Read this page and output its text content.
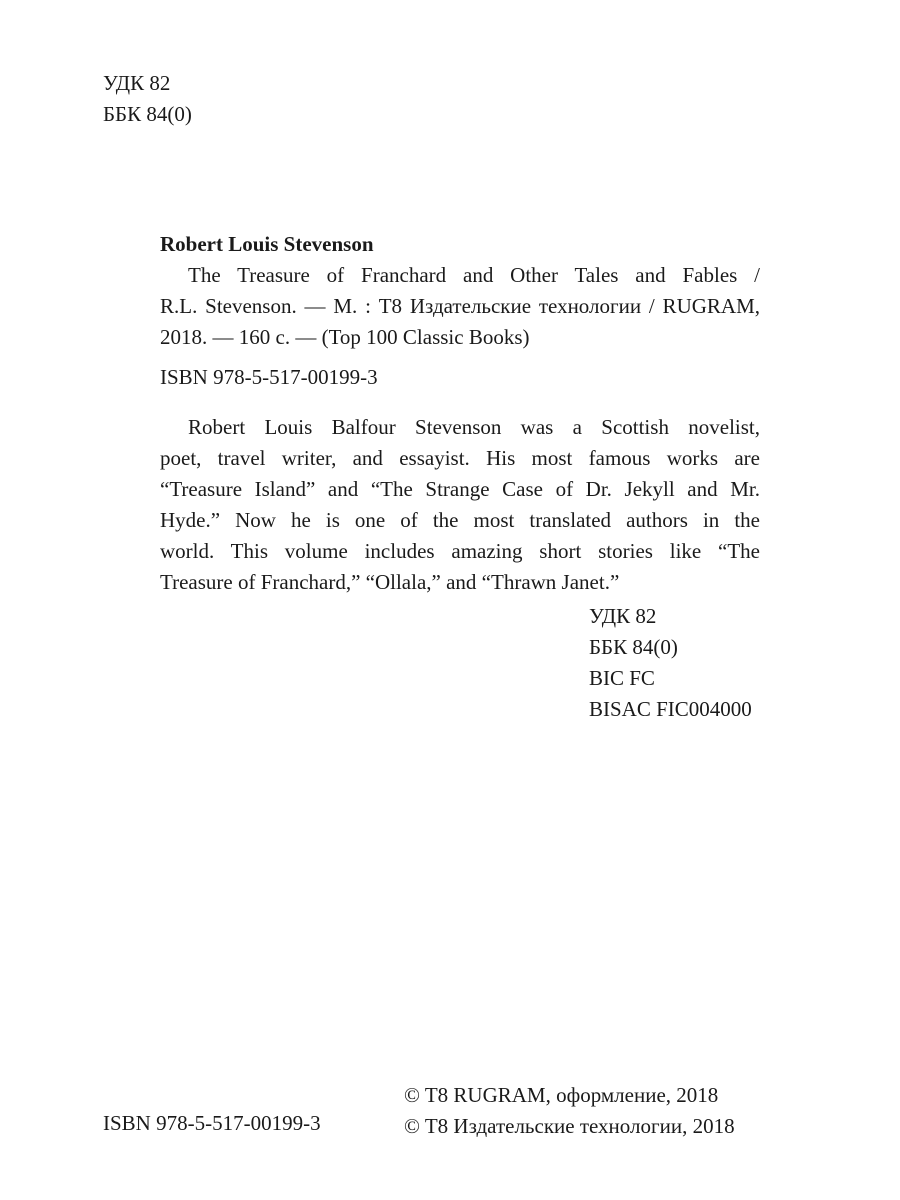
УДК 82
ББК 84(0)
Robert Louis Stevenson
The Treasure of Franchard and Other Tales and Fables /
R.L. Stevenson. — М. : T8 Издательские технологии / RUGRAM,
2018. — 160 с. — (Top 100 Classic Books)
ISBN 978-5-517-00199-3
Robert Louis Balfour Stevenson was a Scottish novelist,
poet, travel writer, and essayist. His most famous works are
“Treasure Island” and “The Strange Case of Dr. Jekyll and Mr.
Hyde.” Now he is one of the most translated authors in the
world. This volume includes amazing short stories like “The
Treasure of Franchard,” “Ollala,” and “Thrawn Janet.”
УДК 82
ББК 84(0)
BIC FC
BISAC FIC004000
ISBN 978-5-517-00199-3
© T8 RUGRAM, оформление, 2018
© T8 Издательские технологии, 2018
